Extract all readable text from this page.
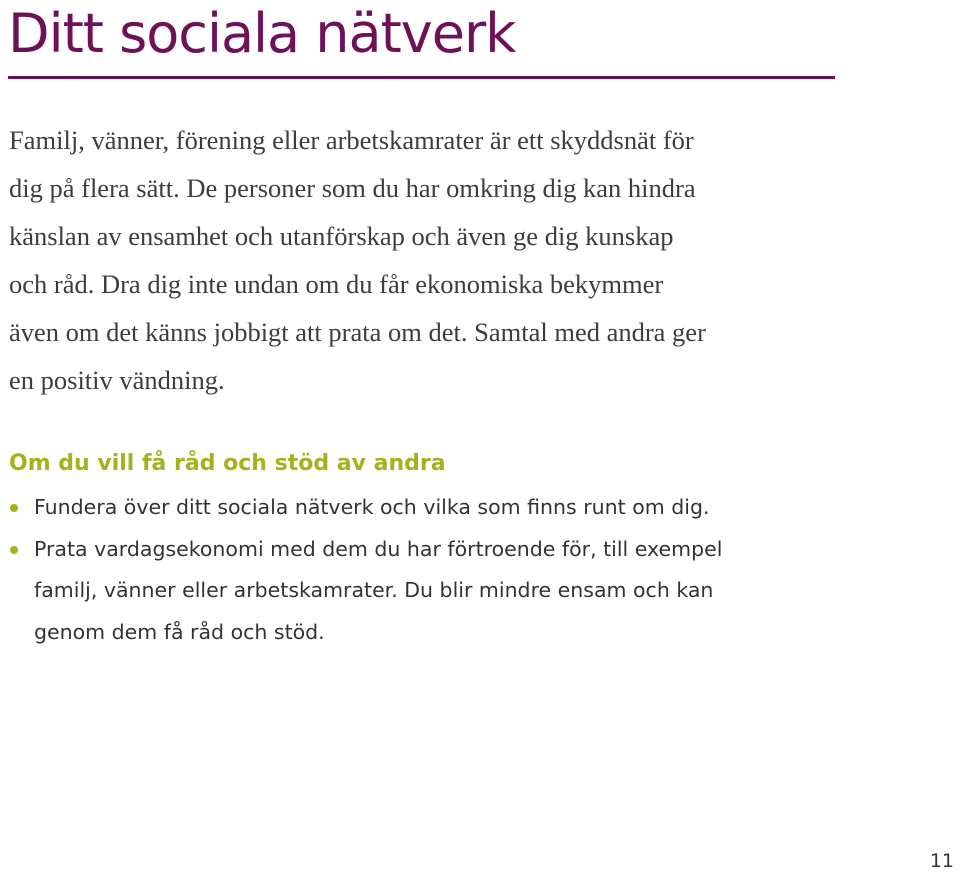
Ditt sociala nätverk

Familj, vänner, förening eller arbetskamrater är ett skyddsnät för
dig på flera sätt. De personer som du har omkring dig kan hindra
känslan av ensamhet och utanförskap och även ge dig kunskap
och råd. Dra dig inte undan om du får ekonomiska bekymmer
även om det känns jobbigt att prata om det. Samtal med andra ger
en positiv vändning.

Om du vill få råd och stöd av andra
Fundera över ditt sociala nätverk och vilka som finns runt om dig.
Prata vardagsekonomi med dem du har förtroende för, till exempel
familj, vänner eller arbetskamrater. Du blir mindre ensam och kan
genom dem få råd och stöd.
11
